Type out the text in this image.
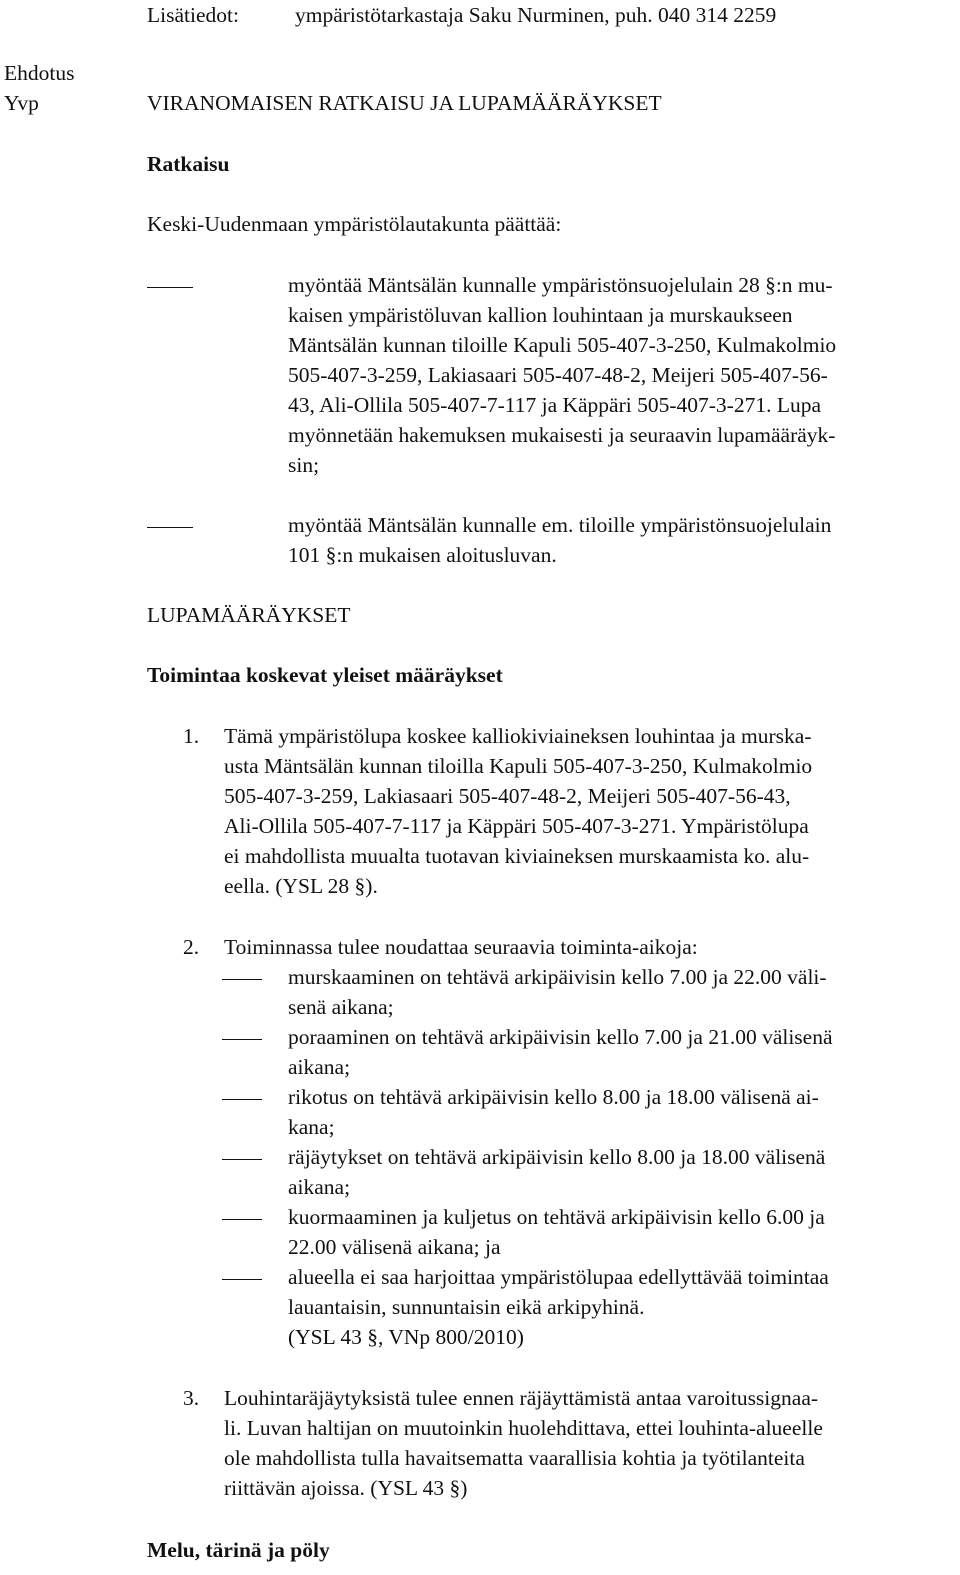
Lisätiedot:	ympäristötarkastaja Saku Nurminen, puh. 040 314 2259
Ehdotus
Yvp	VIRANOMAISEN RATKAISU JA LUPAMÄÄRÄYKSET
Ratkaisu
Keski-Uudenmaan ympäristölautakunta päättää:
myöntää Mäntsälän kunnalle ympäristönsuojelulain 28 §:n mu-
kaisen ympäristöluvan kallion louhintaan ja murskaukseen
Mäntsälän kunnan tiloille Kapuli 505-407-3-250, Kulmakolmio
505-407-3-259, Lakiasaari 505-407-48-2, Meijeri 505-407-56-
43, Ali-Ollila 505-407-7-117 ja Käppäri 505-407-3-271. Lupa
myönnetään hakemuksen mukaisesti ja seuraavin lupamääräyk-
sin;
myöntää Mäntsälän kunnalle em. tiloille ympäristönsuojelulain
101 §:n mukaisen aloitusluvan.
LUPAMÄÄRÄYKSET
Toimintaa koskevat yleiset määräykset
1. Tämä ympäristölupa koskee kalliokiviaineksen louhintaa ja murska-
usta Mäntsälän kunnan tiloilla Kapuli 505-407-3-250, Kulmakolmio
505-407-3-259, Lakiasaari 505-407-48-2, Meijeri 505-407-56-43,
Ali-Ollila 505-407-7-117 ja Käppäri 505-407-3-271. Ympäristölupa
ei mahdollista muualta tuotavan kiviaineksen murskaamista ko. alu-
eella. (YSL 28 §).
2. Toiminnassa tulee noudattaa seuraavia toiminta-aikoja:
murskaaminen on tehtävä arkipäivisin kello 7.00 ja 22.00 väli-
senä aikana;
poraaminen on tehtävä arkipäivisin kello 7.00 ja 21.00 välisenä
aikana;
rikotus on tehtävä arkipäivisin kello 8.00 ja 18.00 välisenä ai-
kana;
räjäytykset on tehtävä arkipäivisin kello 8.00 ja 18.00 välisenä
aikana;
kuormaaminen ja kuljetus on tehtävä arkipäivisin kello 6.00 ja
22.00 välisenä aikana; ja
alueella ei saa harjoittaa ympäristölupaa edellyttävää toimintaa
lauantaisin, sunnuntaisin eikä arkipyhinä.
(YSL 43 §, VNp 800/2010)
3. Louhintaräjäytyksistä tulee ennen räjäyttämistä antaa varoitussignaa-
li. Luvan haltijan on muutoinkin huolehdittava, ettei louhinta-alueelle
ole mahdollista tulla havaitsematta vaarallisia kohtia ja työtilanteita
riittävän ajoissa. (YSL 43 §)
Melu, tärinä ja pöly
